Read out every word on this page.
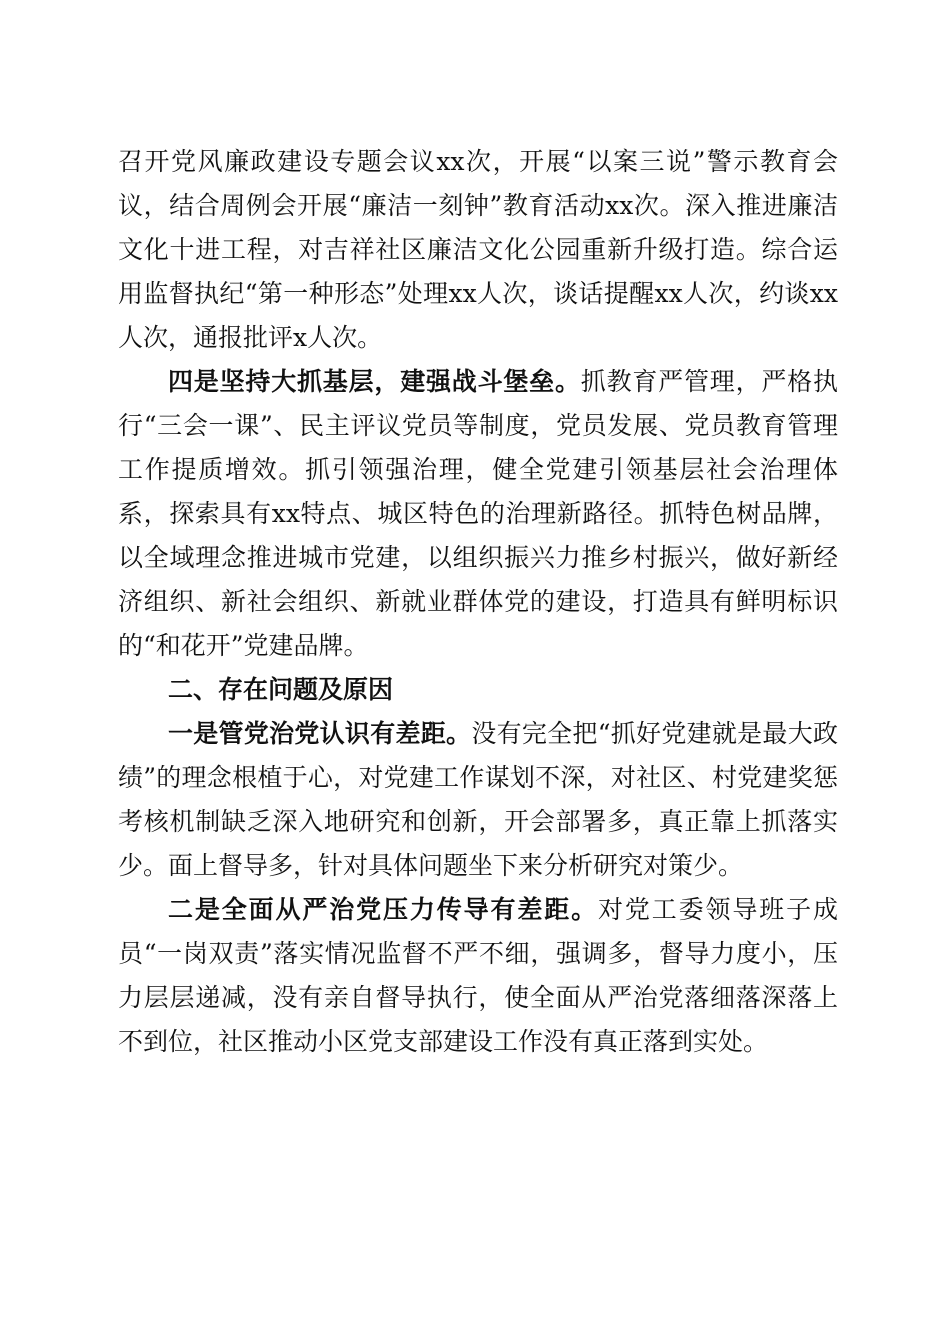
召开党风廉政建设专题会议xx次，开展“以案三说”警示教育会议，结合周例会开展“廉洁一刻钟”教育活动xx次。深入推进廉洁文化十进工程，对吉祥社区廉洁文化公园重新升级打造。综合运用监督执纪“第一种形态”处理xx人次，谈话提醒xx人次，约谈xx人次，通报批评x人次。

四是坚持大抓基层，建强战斗堡垒。抓教育严管理，严格执行“三会一课”、民主评议党员等制度，党员发展、党员教育管理工作提质增效。抓引领强治理，健全党建引领基层社会治理体系，探索具有xx特点、城区特色的治理新路径。抓特色树品牌，以全域理念推进城市党建，以组织振兴力推乡村振兴，做好新经济组织、新社会组织、新就业群体党的建设，打造具有鲜明标识的“和花开”党建品牌。

二、存在问题及原因

一是管党治党认识有差距。没有完全把“抓好党建就是最大政绩”的理念根植于心，对党建工作谋划不深，对社区、村党建奖惩考核机制缺乏深入地研究和创新，开会部署多，真正靠上抓落实少。面上督导多，针对具体问题坐下来分析研究对策少。

二是全面从严治党压力传导有差距。对党工委领导班子成员“一岗双责”落实情况监督不严不细，强调多，督导力度小，压力层层递减，没有亲自督导执行，使全面从严治党落细落深落上不到位，社区推动小区党支部建设工作没有真正落到实处。
